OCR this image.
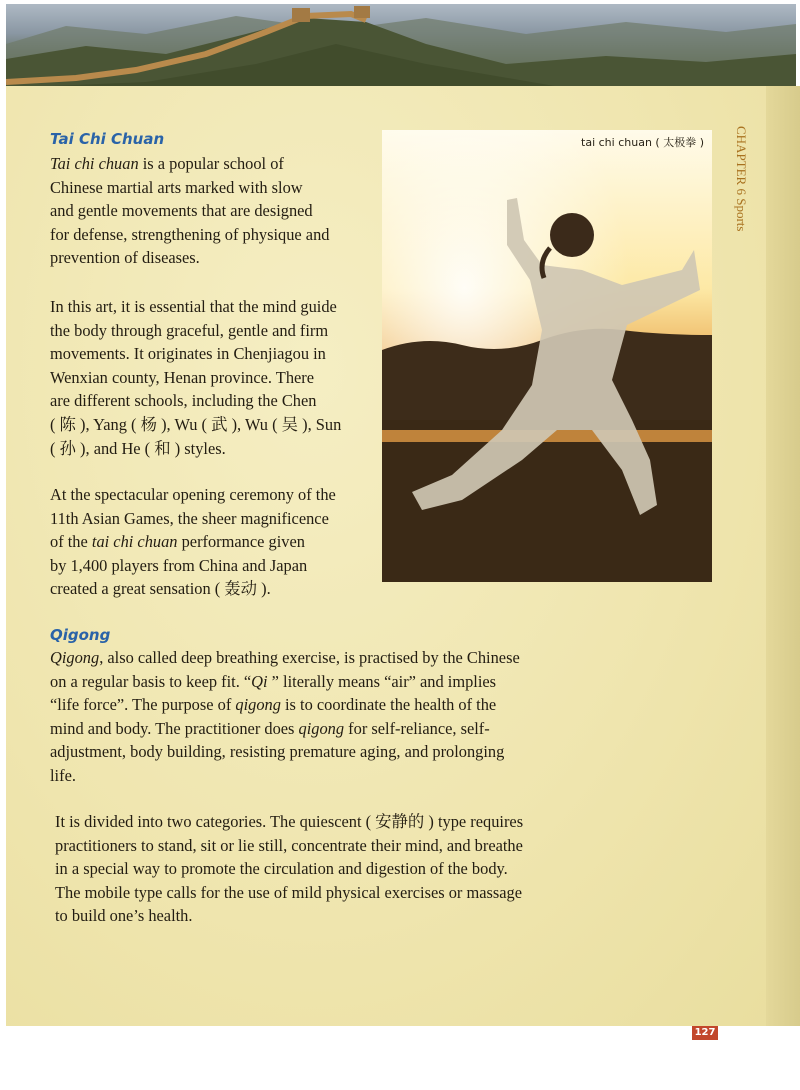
CHAPTER 6 Sports
Tai Chi Chuan

Tai chi chuan is a popular school of
Chinese martial arts marked with slow
and gentle movements that are designed
for defense, strengthening of physique and
prevention of diseases.

In this art, it is essential that the mind guide
the body through graceful, gentle and firm
movements. It originates in Chenjiagou in
Wenxian county, Henan province. There
are different schools, including the Chen
( 陈 ), Yang ( 杨 ), Wu ( 武 ), Wu ( 吴 ), Sun
( 孙 ), and He ( 和 ) styles.

At the spectacular opening ceremony of the
11th Asian Games, the sheer magnificence
of the tai chi chuan performance given
by 1,400 players from China and Japan
created a great sensation ( 轰动 ).

tai chi chuan ( 太极拳 )
Qigong

Qigong, also called deep breathing exercise, is practised by the Chinese
on a regular basis to keep fit. “Qi ” literally means “air” and implies
“life force”. The purpose of qigong is to coordinate the health of the
mind and body. The practitioner does qigong for self-reliance, self-
adjustment, body building, resisting premature aging, and prolonging
life.

It is divided into two categories. The quiescent ( 安静的 ) type requires
practitioners to stand, sit or lie still, concentrate their mind, and breathe
in a special way to promote the circulation and digestion of the body.
The mobile type calls for the use of mild physical exercises or massage
to build one’s health.

127
